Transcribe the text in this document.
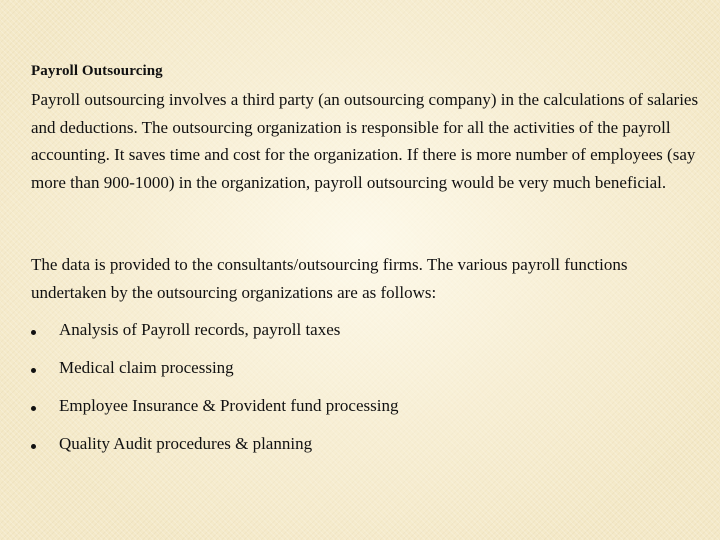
Payroll Outsourcing

Payroll outsourcing involves a third party (an outsourcing company) in the calculations of salaries and deductions. The outsourcing organization is responsible for all the activities of the payroll accounting. It saves time and cost for the organization. If there is more number of employees (say more than 900-1000) in the organization, payroll outsourcing would be very much beneficial.

The data is provided to the consultants/outsourcing firms. The various payroll functions undertaken by the outsourcing organizations are as follows:

Analysis of Payroll records, payroll taxes
Medical claim processing
Employee Insurance & Provident fund processing
Quality Audit procedures & planning
